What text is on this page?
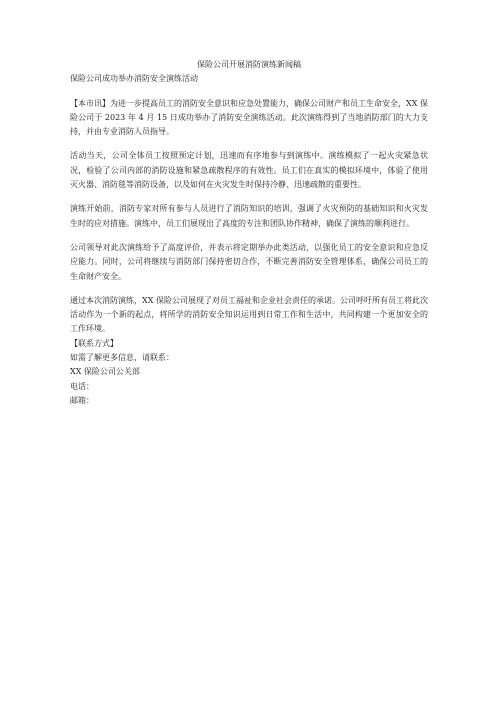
保险公司开展消防演练新闻稿

保险公司成功举办消防安全演练活动

【本市讯】为进一步提高员工的消防安全意识和应急处置能力，确保公司财产和员工生命安全，XX 保险公司于 2023 年 4 月 15 日成功举办了消防安全演练活动。此次演练得到了当地消防部门的大力支持，并由专业消防人员指导。

活动当天，公司全体员工按照预定计划，迅速而有序地参与到演练中。演练模拟了一起火灾紧急状况，检验了公司内部的消防设施和紧急疏散程序的有效性。员工们在真实的模拟环境中，体验了使用灭火器、消防毯等消防设备，以及如何在火灾发生时保持冷静、迅速疏散的重要性。

演练开始前，消防专家对所有参与人员进行了消防知识的培训，强调了火灾预防的基础知识和火灾发生时的应对措施。演练中，员工们展现出了高度的专注和团队协作精神，确保了演练的顺利进行。

公司领导对此次演练给予了高度评价，并表示将定期举办此类活动，以强化员工的安全意识和应急反应能力。同时，公司将继续与消防部门保持密切合作，不断完善消防安全管理体系，确保公司员工的生命财产安全。

通过本次消防演练，XX 保险公司展现了对员工福祉和企业社会责任的承诺。公司呼吁所有员工将此次活动作为一个新的起点，将所学的消防安全知识运用到日常工作和生活中，共同构建一个更加安全的工作环境。

【联系方式】

如需了解更多信息，请联系：

XX 保险公司公关部

电话：

邮箱：
